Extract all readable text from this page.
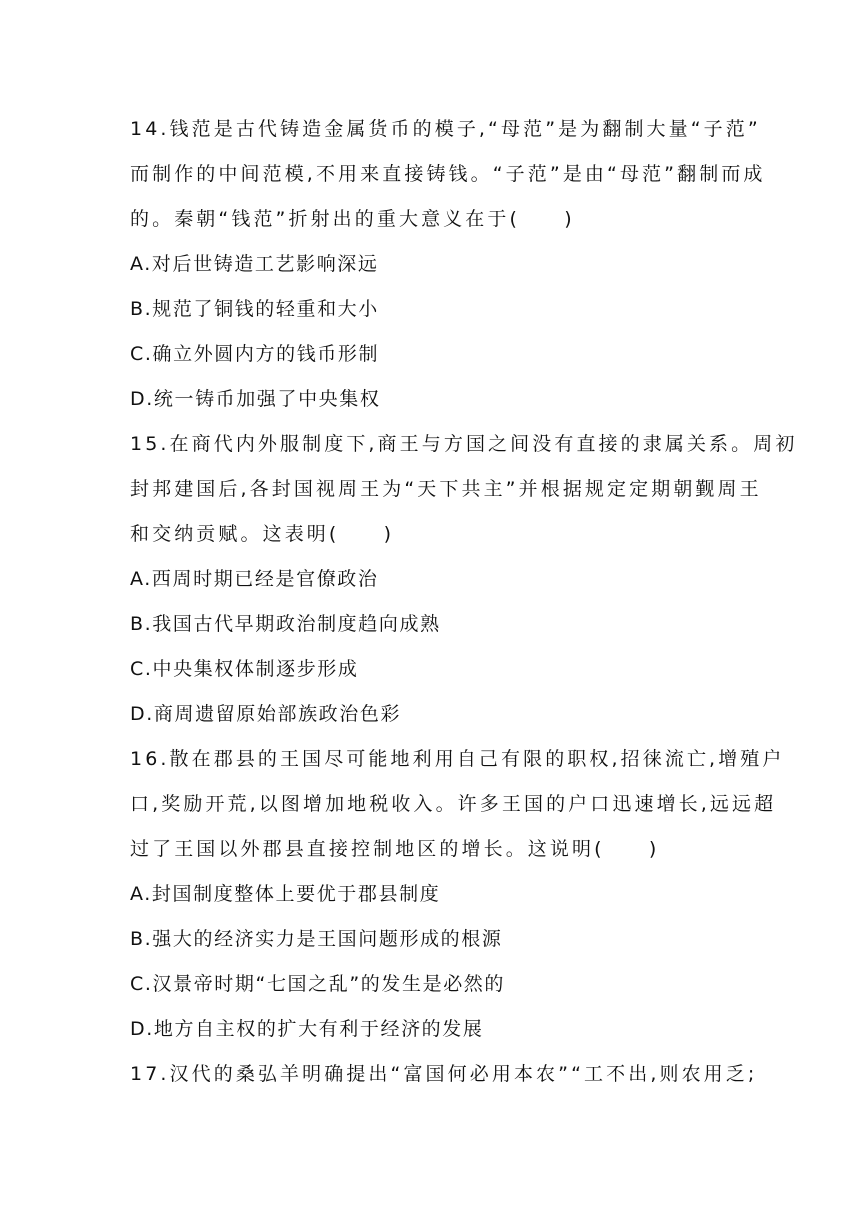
14.钱范是古代铸造金属货币的模子,“母范”是为翻制大量“子范”
而制作的中间范模,不用来直接铸钱。“子范”是由“母范”翻制而成
的。秦朝“钱范”折射出的重大意义在于(　　)
A.对后世铸造工艺影响深远
B.规范了铜钱的轻重和大小
C.确立外圆内方的钱币形制
D.统一铸币加强了中央集权
15.在商代内外服制度下,商王与方国之间没有直接的隶属关系。周初
封邦建国后,各封国视周王为“天下共主”并根据规定定期朝觐周王
和交纳贡赋。这表明(　　)
A.西周时期已经是官僚政治
B.我国古代早期政治制度趋向成熟
C.中央集权体制逐步形成
D.商周遗留原始部族政治色彩
16.散在郡县的王国尽可能地利用自己有限的职权,招徕流亡,增殖户
口,奖励开荒,以图增加地税收入。许多王国的户口迅速增长,远远超
过了王国以外郡县直接控制地区的增长。这说明(　　)
A.封国制度整体上要优于郡县制度
B.强大的经济实力是王国问题形成的根源
C.汉景帝时期“七国之乱”的发生是必然的
D.地方自主权的扩大有利于经济的发展
17.汉代的桑弘羊明确提出“富国何必用本农”“工不出,则农用乏;
